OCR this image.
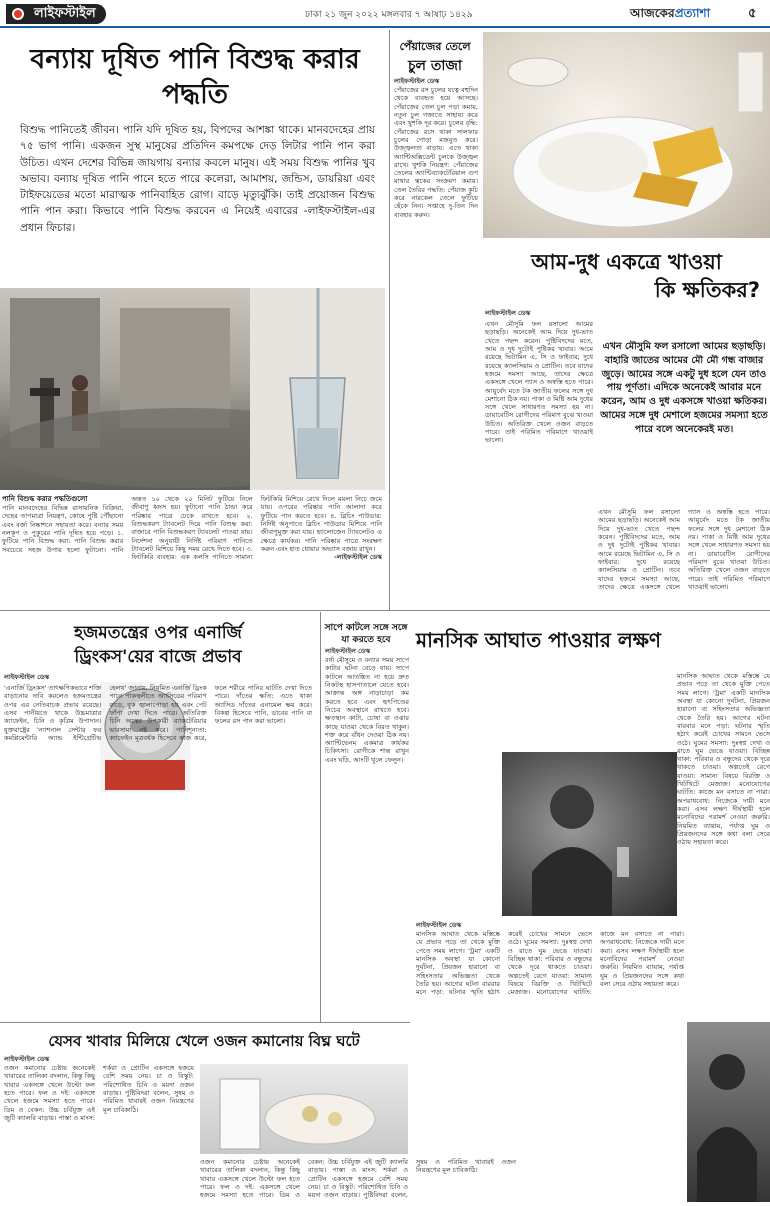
লাইফস্টাইল	ঢাকা ২১ জুন ২০২২ মঙ্গলবার ৭ আষাঢ় ১৪২৯	আজকেরপ্রত্যাশা	৫
বন্যায় দূষিত পানি বিশুদ্ধ করার পদ্ধতি
বিশুদ্ধ পানিতেই জীবন। পানি যদি দূষিত হয়, বিপদের আশঙ্কা থাকে। মানবদেহের প্রায় ৭৫ ভাগ পানি। একজন সুস্থ মানুষের প্রতিদিন কমপক্ষে দেড় লিটার পানি পান করা উচিত। এখন দেশের বিভিন্ন জায়গায় বন্যার কবলে মানুষ। এই সময় বিশুদ্ধ পানির খুব অভাব। বন্যায় দূষিত পানি পানে হতে পারে কলেরা, আমাশয়, জন্ডিস, ডায়রিয়া এবং টাইফয়েডের মতো মারাত্মক পানিবাহিত রোগ। বাড়ে মৃত্যুঝুঁকি। তাই প্রয়োজন বিশুদ্ধ পানি পান করা। কিভাবে পানি বিশুদ্ধ করবেন এ নিয়েই এবারের -লাইফস্টাইল-এর প্রধান ফিচার।
পানি বিশুদ্ধ করার পদ্ধতিগুলো
পানি মানবদেহের বিভিন্ন রাসায়নিক বিক্রিয়া, দেহের তাপমাত্রা নিয়ন্ত্রণ, কোষে পুষ্টি পৌঁছানো এবং বর্জ্য নিষ্কাশনে সহায়তা করে। বন্যার সময় নলকূপ ও পুকুরের পানি দূষিত হয়ে পড়ে। ১. ফুটিয়ে পানি বিশুদ্ধ করা: পানি বিশুদ্ধ করার সবচেয়ে সহজ উপায় হলো ফুটানো। পানি অন্তত ১০ থেকে ২০ মিনিট ফুটিয়ে নিলে জীবাণু ধ্বংস হয়। ফুটানো পানি ঠান্ডা করে পরিষ্কার পাত্রে ঢেকে রাখতে হবে। ২. বিশুদ্ধকরণ ট্যাবলেট দিয়ে পানি বিশুদ্ধ করা: বাজারে পানি বিশুদ্ধকরণ ট্যাবলেট পাওয়া যায়। নির্দেশনা অনুযায়ী নির্দিষ্ট পরিমাণ পানিতে ট্যাবলেট মিশিয়ে কিছু সময় রেখে দিতে হবে। ৩. ফিটকিরি ব্যবহার: এক কলসি পানিতে সামান্য ফিটকিরি মিশিয়ে রেখে দিলে ময়লা নিচে জমে যায়। ওপরের পরিষ্কার পানি আলাদা করে ফুটিয়ে পান করতে হবে। ৪. ব্লিচিং পাউডার: নির্দিষ্ট অনুপাতে ব্লিচিং পাউডার মিশিয়ে পানি জীবাণুমুক্ত করা যায়। হ্যালোজেন ট্যাবলেটও এ ক্ষেত্রে কার্যকর। পানি পরিষ্কার পাত্রে সংরক্ষণ করুন এবং হাত ধোয়ার অভ্যাস বজায় রাখুন।
-লাইফস্টাইল ডেস্ক
পেঁয়াজের তেলে
চুল তাজা
লাইফস্টাইল ডেস্ক
পেঁয়াজের রস চুলের যত্নে বহুদিন থেকে ব্যবহৃত হয়ে আসছে। পেঁয়াজের তেল চুল পড়া কমায়, নতুন চুল গজাতে সাহায্য করে এবং খুশকি দূর করে। চুলের বৃদ্ধি: পেঁয়াজের রসে থাকা সালফার চুলের গোড়া মজবুত করে। উজ্জ্বলতা বাড়ায়: এতে থাকা অ্যান্টিঅক্সিডেন্ট চুলকে উজ্জ্বল রাখে। খুশকি নিয়ন্ত্রণ: পেঁয়াজের তেলের অ্যান্টিব্যাকটেরিয়াল গুণ মাথার ত্বকের সংক্রমণ কমায়। তেল তৈরির পদ্ধতি: পেঁয়াজ কুচি করে নারকেল তেলে ফুটিয়ে ছেঁকে নিন। সপ্তাহে দু-তিন দিন ব্যবহার করুন।
আম-দুধ একত্রে খাওয়া
কি ক্ষতিকর?
লাইফস্টাইল ডেস্ক
এখন মৌসুমি ফল রসালো আমের ছড়াছড়ি। বাহারি জাতের আমের মৌ মৌ গন্ধ বাজার জুড়ে। আমের সঙ্গে একটু দুধ হলে যেন তাও পায় পূর্ণতা। এদিকে অনেকেই আবার মনে করেন, আম ও দুধ একসঙ্গে খাওয়া ক্ষতিকর। আমের সঙ্গে দুধ মেশালে হজমের সমস্যা হতে পারে বলে অনেকেরই মত।
এখন মৌসুমি ফল রসালো আমের ছড়াছড়ি। অনেকেই আম দিয়ে দুধ-ভাত খেতে পছন্দ করেন। পুষ্টিবিদদের মতে, আম ও দুধ দুটোই পুষ্টিকর খাবার। আমে রয়েছে ভিটামিন এ, সি ও ফাইবার; দুধে রয়েছে ক্যালসিয়াম ও প্রোটিন। তবে যাদের হজমে সমস্যা আছে, তাদের ক্ষেত্রে একসঙ্গে খেলে গ্যাস ও অস্বস্তি হতে পারে। আয়ুর্বেদ মতে টক জাতীয় ফলের সঙ্গে দুধ মেশানো ঠিক নয়। পাকা ও মিষ্টি আম দুধের সঙ্গে খেলে সাধারণত সমস্যা হয় না। ডায়াবেটিস রোগীদের পরিমাণ বুঝে খাওয়া উচিত। অতিরিক্ত খেলে ওজন বাড়তে পারে। তাই পরিমিত পরিমাণে খাওয়াই ভালো।
এখন মৌসুমি ফল রসালো আমের ছড়াছড়ি। অনেকেই আম দিয়ে দুধ-ভাত খেতে পছন্দ করেন। পুষ্টিবিদদের মতে, আম ও দুধ দুটোই পুষ্টিকর খাবার। আমে রয়েছে ভিটামিন এ, সি ও ফাইবার; দুধে রয়েছে ক্যালসিয়াম ও প্রোটিন। তবে যাদের হজমে সমস্যা আছে, তাদের ক্ষেত্রে একসঙ্গে খেলে গ্যাস ও অস্বস্তি হতে পারে। আয়ুর্বেদ মতে টক জাতীয় ফলের সঙ্গে দুধ মেশানো ঠিক নয়। পাকা ও মিষ্টি আম দুধের সঙ্গে খেলে সাধারণত সমস্যা হয় না। ডায়াবেটিস রোগীদের পরিমাণ বুঝে খাওয়া উচিত। অতিরিক্ত খেলে ওজন বাড়তে পারে। তাই পরিমিত পরিমাণে খাওয়াই ভালো।
হজমতন্ত্রের ওপর এনার্জি
ড্রিংকস'য়ের বাজে প্রভাব
লাইফস্টাইল ডেস্ক
'এনার্জি ড্রিংকস' তাৎক্ষণিকভাবে শক্তি বাড়ানোর দাবি করলেও হজমতন্ত্রের ওপর এর নেতিবাচক প্রভাব রয়েছে। এসব পানীয়তে থাকে উচ্চমাত্রার ক্যাফেইন, চিনি ও কৃত্রিম উপাদান। যুক্তরাষ্ট্রের 'ন্যাশনাল সেন্টার ফর কমপ্লিমেন্টারি অ্যান্ড ইন্টিগ্রেটিভ হেলথ' জানায়, নিয়মিত এনার্জি ড্রিংক পানে পাকস্থলীতে অ্যাসিডের পরিমাণ বাড়ে, বুক জ্বালাপোড়া হয় এবং পেট ফাঁপা দেখা দিতে পারে। অতিরিক্ত চিনি অন্ত্রের উপকারী ব্যাকটেরিয়ার ভারসাম্য নষ্ট করে। পানিশূন্যতা: ক্যাফেইন মূত্রবর্ধক হিসেবে কাজ করে, ফলে শরীরে পানির ঘাটতি দেখা দিতে পারে। দাঁতের ক্ষতি: এতে থাকা অ্যাসিড দাঁতের এনামেল ক্ষয় করে। বিকল্প হিসেবে পানি, ডাবের পানি বা ফলের রস পান করা ভালো।
সাপে কাটলে সঙ্গে সঙ্গে
যা করতে হবে
লাইফস্টাইল ডেস্ক
বর্ষা মৌসুমে ও বন্যার সময় সাপে কাটার ঘটনা বেড়ে যায়। সাপে কাটলে আতঙ্কিত না হয়ে দ্রুত নিকটস্থ হাসপাতালে যেতে হবে। আক্রান্ত অঙ্গ নাড়াচাড়া কম করতে হবে এবং হৃৎপিণ্ডের নিচের অবস্থানে রাখতে হবে। ক্ষতস্থান কাটা, চোষা বা ওঝার কাছে যাওয়া থেকে বিরত থাকুন। শক্ত করে বাঁধন দেওয়া ঠিক নয়। অ্যান্টিভেনম একমাত্র কার্যকর চিকিৎসা। রোগীকে শান্ত রাখুন এবং ঘড়ি, আংটি খুলে ফেলুন।
মানসিক আঘাত পাওয়ার লক্ষণ
মানসিক আঘাত থেকে মস্তিষ্কে যে প্রভাব পড়ে তা থেকে মুক্তি পেতে সময় লাগে। 'ট্রমা' একটি মানসিক অবস্থা যা কোনো দুর্ঘটনা, প্রিয়জন হারানো বা সহিংসতার অভিজ্ঞতা থেকে তৈরি হয়। আগের ঘটনা বারবার মনে পড়া: ঘটনার স্মৃতি হঠাৎ করেই চোখের সামনে ভেসে ওঠে। ঘুমের সমস্যা: দুঃস্বপ্ন দেখা ও রাতে ঘুম ভেঙে যাওয়া। বিচ্ছিন্ন থাকা: পরিবার ও বন্ধুদের থেকে দূরে থাকতে চাওয়া। অল্পতেই রেগে যাওয়া: সামান্য বিষয়ে বিরক্তি ও খিটখিটে মেজাজ। মনোযোগের ঘাটতি: কাজে মন বসাতে না পারা। অপরাধবোধ: নিজেকে দায়ী মনে করা। এসব লক্ষণ দীর্ঘস্থায়ী হলে মনোবিদের পরামর্শ নেওয়া জরুরি। নিয়মিত ব্যায়াম, পর্যাপ্ত ঘুম ও প্রিয়জনদের সঙ্গে কথা বলা সেরে ওঠায় সহায়তা করে।
লাইফস্টাইল ডেস্ক
মানসিক আঘাত থেকে মস্তিষ্কে যে প্রভাব পড়ে তা থেকে মুক্তি পেতে সময় লাগে। 'ট্রমা' একটি মানসিক অবস্থা যা কোনো দুর্ঘটনা, প্রিয়জন হারানো বা সহিংসতার অভিজ্ঞতা থেকে তৈরি হয়। আগের ঘটনা বারবার মনে পড়া: ঘটনার স্মৃতি হঠাৎ করেই চোখের সামনে ভেসে ওঠে। ঘুমের সমস্যা: দুঃস্বপ্ন দেখা ও রাতে ঘুম ভেঙে যাওয়া। বিচ্ছিন্ন থাকা: পরিবার ও বন্ধুদের থেকে দূরে থাকতে চাওয়া। অল্পতেই রেগে যাওয়া: সামান্য বিষয়ে বিরক্তি ও খিটখিটে মেজাজ। মনোযোগের ঘাটতি: কাজে মন বসাতে না পারা। অপরাধবোধ: নিজেকে দায়ী মনে করা। এসব লক্ষণ দীর্ঘস্থায়ী হলে মনোবিদের পরামর্শ নেওয়া জরুরি। নিয়মিত ব্যায়াম, পর্যাপ্ত ঘুম ও প্রিয়জনদের সঙ্গে কথা বলা সেরে ওঠায় সহায়তা করে।
যেসব খাবার মিলিয়ে খেলে ওজন কমানোয় বিঘ্ন ঘটে
লাইফস্টাইল ডেস্ক
ওজন কমানোর চেষ্টায় অনেকেই খাবারের তালিকা বদলান, কিন্তু কিছু খাবার একসঙ্গে খেলে উল্টো ফল হতে পারে। ফল ও দই: একসঙ্গে খেলে হজমে সমস্যা হতে পারে। ডিম ও বেকন: উচ্চ চর্বিযুক্ত এই জুটি ক্যালরি বাড়ায়। পাস্তা ও মাংস: শর্করা ও প্রোটিন একসঙ্গে হজমে বেশি সময় নেয়। চা ও বিস্কুট: পরিশোধিত চিনি ও ময়দা ওজন বাড়ায়। পুষ্টিবিদরা বলেন, সুষম ও পরিমিত খাবারই ওজন নিয়ন্ত্রণের মূল চাবিকাঠি।
ওজন কমানোর চেষ্টায় অনেকেই খাবারের তালিকা বদলান, কিন্তু কিছু খাবার একসঙ্গে খেলে উল্টো ফল হতে পারে। ফল ও দই: একসঙ্গে খেলে হজমে সমস্যা হতে পারে। ডিম ও বেকন: উচ্চ চর্বিযুক্ত এই জুটি ক্যালরি বাড়ায়। পাস্তা ও মাংস: শর্করা ও প্রোটিন একসঙ্গে হজমে বেশি সময় নেয়। চা ও বিস্কুট: পরিশোধিত চিনি ও ময়দা ওজন বাড়ায়। পুষ্টিবিদরা বলেন, সুষম ও পরিমিত খাবারই ওজন নিয়ন্ত্রণের মূল চাবিকাঠি।
